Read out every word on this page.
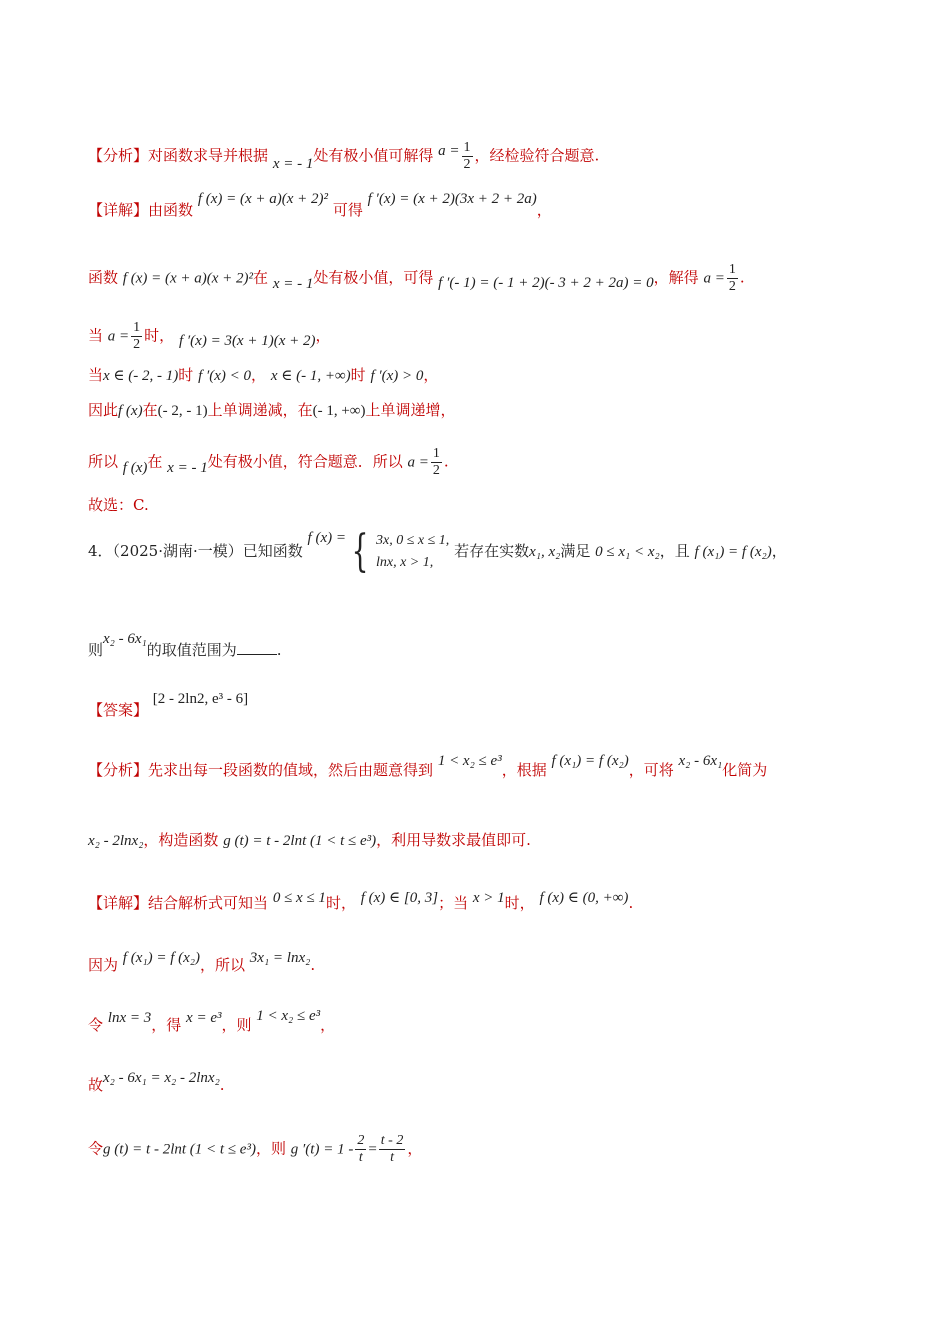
【分析】对函数求导并根据 x = - 1处有极小值可解得 $a = \frac{1}{2}$ ，经检验符合题意.
【详解】由函数 f (x) = (x + a)(x + 2)² 可得 f ′(x) = (x + 2)(3x + 2 + 2a)，
函数 f (x) = (x + a)(x + 2)²在 x = - 1处有极小值，可得 f ′(- 1) = (- 1 + 2)(- 3 + 2 + 2a) = 0，解得 $a = \frac{1}{2}$ .
当 $a = \frac{1}{2}$ 时， f ′(x) = 3(x + 1)(x + 2)，
当x ∈ (- 2, - 1)时 f ′(x) < 0， x ∈ (- 1, +∞)时 f ′(x) > 0，
因此f (x)在(- 2, - 1)上单调递减，在(- 1, +∞)上单调递增，
所以 f (x)在 x = - 1处有极小值，符合题意．所以 $a = \frac{1}{2}$ .
故选：C.
4．（2025·湖南·一模）已知函数 f (x) = { 3x, 0 ≤ x ≤ 1,
lnx, x > 1,
若存在实数x₁, x₂满足 0 ≤ x₁ < x₂，且 f (x₁) = f (x₂)，
则x₂ - 6x₁的取值范围为	.
【答案】 [2 - 2ln2, e³ - 6]
【分析】先求出每一段函数的值域，然后由题意得到 1 < x₂ ≤ e³，根据 f (x₁) = f (x₂)，可将 x₂ - 6x₁化简为
x₂ - 2lnx₂，构造函数 g (t) = t - 2lnt (1 < t ≤ e³)，利用导数求最值即可.
【详解】结合解析式可知当 0 ≤ x ≤ 1时， f (x) ∈ [0, 3]；当 x > 1时， f (x) ∈ (0, +∞).
因为 f (x₁) = f (x₂)，所以 3x₁ = lnx₂.
令 lnx = 3，得 x = e³，则 1 < x₂ ≤ e³，
故x₂ - 6x₁ = x₂ - 2lnx₂.
令g (t) = t - 2lnt (1 < t ≤ e³)，则 g $'(t) = 1 - \frac{2}{t} = \frac{t - 2}{t}$ ，
